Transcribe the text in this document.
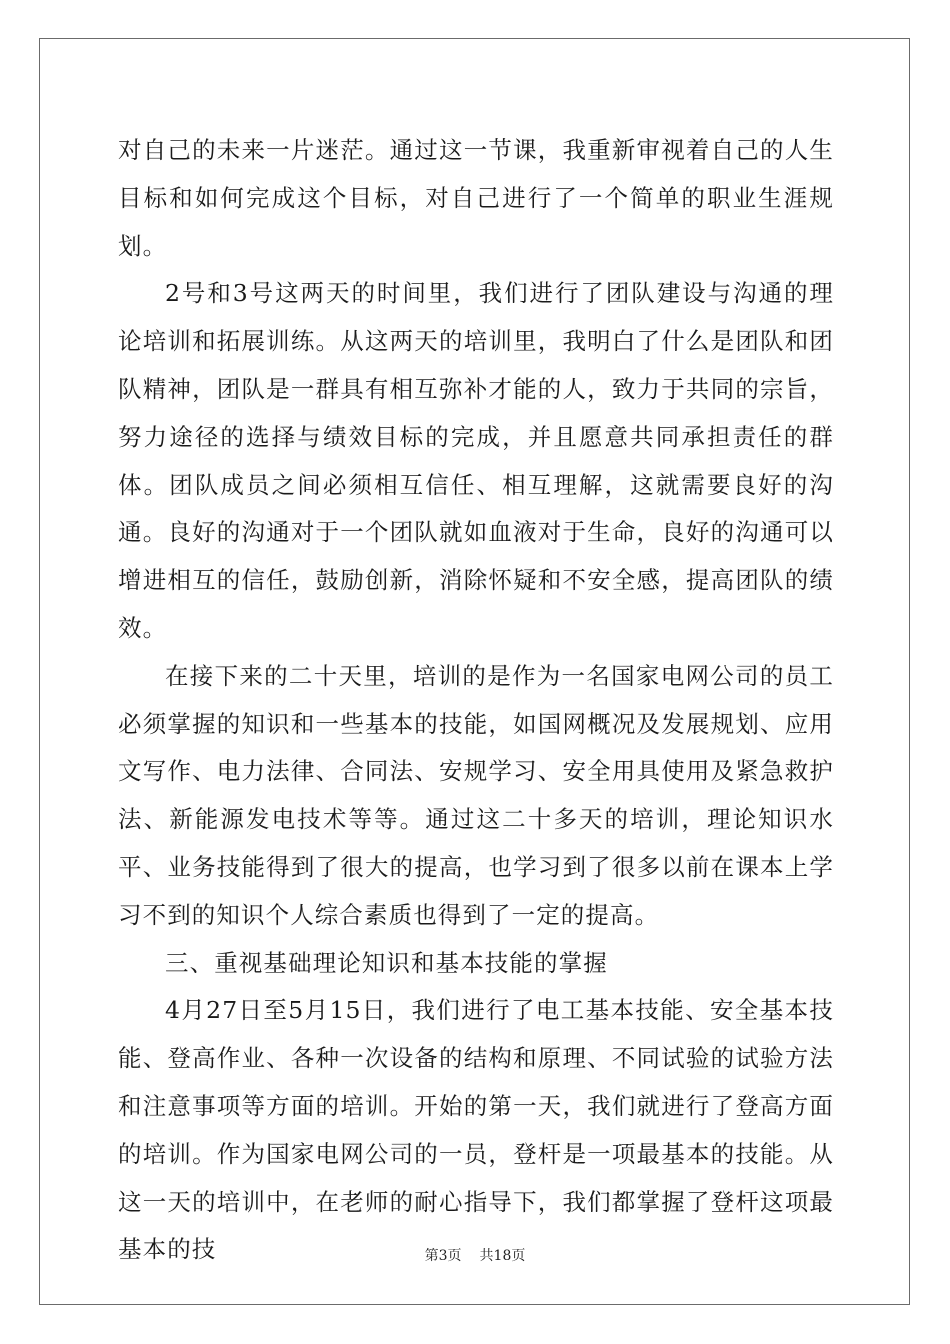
对自己的未来一片迷茫。通过这一节课，我重新审视着自己的人生目标和如何完成这个目标，对自己进行了一个简单的职业生涯规划。

2号和3号这两天的时间里，我们进行了团队建设与沟通的理论培训和拓展训练。从这两天的培训里，我明白了什么是团队和团队精神，团队是一群具有相互弥补才能的人，致力于共同的宗旨，努力途径的选择与绩效目标的完成，并且愿意共同承担责任的群体。团队成员之间必须相互信任、相互理解，这就需要良好的沟通。良好的沟通对于一个团队就如血液对于生命，良好的沟通可以增进相互的信任，鼓励创新，消除怀疑和不安全感，提高团队的绩效。

在接下来的二十天里，培训的是作为一名国家电网公司的员工必须掌握的知识和一些基本的技能，如国网概况及发展规划、应用文写作、电力法律、合同法、安规学习、安全用具使用及紧急救护法、新能源发电技术等等。通过这二十多天的培训，理论知识水平、业务技能得到了很大的提高，也学习到了很多以前在课本上学习不到的知识个人综合素质也得到了一定的提高。

三、重视基础理论知识和基本技能的掌握

4月27日至5月15日，我们进行了电工基本技能、安全基本技能、登高作业、各种一次设备的结构和原理、不同试验的试验方法和注意事项等方面的培训。开始的第一天，我们就进行了登高方面的培训。作为国家电网公司的一员，登杆是一项最基本的技能。从这一天的培训中，在老师的耐心指导下，我们都掌握了登杆这项最基本的技	第3页 共18页
